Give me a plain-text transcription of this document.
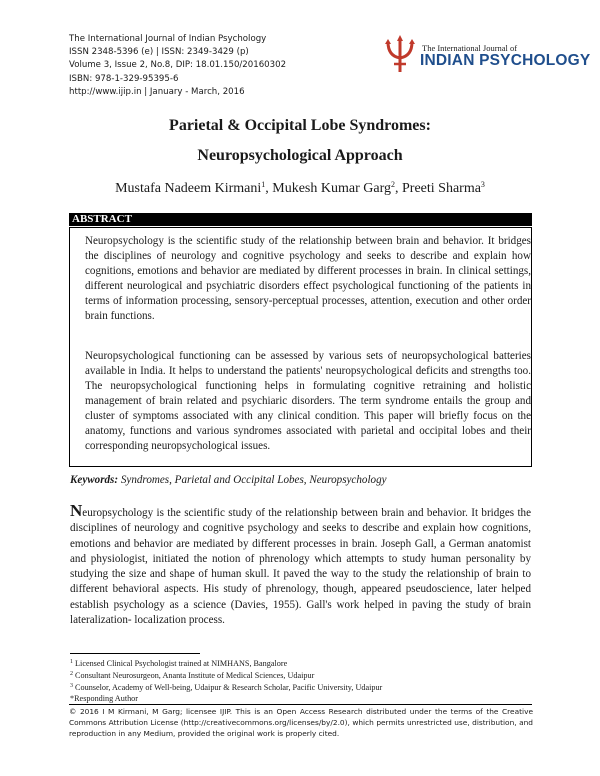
The International Journal of Indian Psychology
ISSN 2348-5396 (e) | ISSN: 2349-3429 (p)
Volume 3, Issue 2, No.8, DIP: 18.01.150/20160302
ISBN: 978-1-329-95395-6
http://www.ijip.in | January - March, 2016
The International Journal of
INDIAN PSYCHOLOGY
Parietal & Occipital Lobe Syndromes:
Neuropsychological Approach
Mustafa Nadeem Kirmani$^1$, Mukesh Kumar Garg$^2$, Preeti Sharma$^3$
ABSTRACT
Neuropsychology is the scientific study of the relationship between brain and behavior. It bridges the disciplines of neurology and cognitive psychology and seeks to describe and explain how cognitions, emotions and behavior are mediated by different processes in brain. In clinical settings, different neurological and psychiatric disorders effect psychological functioning of the patients in terms of information processing, sensory-perceptual processes, attention, execution and other order brain functions.
Neuropsychological functioning can be assessed by various sets of neuropsychological batteries available in India. It helps to understand the patients' neuropsychological deficits and strengths too. The neuropsychological functioning helps in formulating cognitive retraining and holistic management of brain related and psychiaric disorders. The term syndrome entails the group and cluster of symptoms associated with any clinical condition. This paper will briefly focus on the anatomy, functions and various syndromes associated with parietal and occipital lobes and their corresponding neuropsychological issues.
Keywords: Syndromes, Parietal and Occipital Lobes, Neuropsychology
Neuropsychology is the scientific study of the relationship between brain and behavior. It bridges the disciplines of neurology and cognitive psychology and seeks to describe and explain how cognitions, emotions and behavior are mediated by different processes in brain. Joseph Gall, a German anatomist and physiologist, initiated the notion of phrenology which attempts to study human personality by studying the size and shape of human skull. It paved the way to the study the relationship of brain to different behavioral aspects. His study of phrenology, though, appeared pseudoscience, later helped establish psychology as a science (Davies, 1955). Gall's work helped in paving the study of brain lateralization- localization process.
$^1$ Licensed Clinical Psychologist trained at NIMHANS, Bangalore
$^2$ Consultant Neurosurgeon, Ananta Institute of Medical Sciences, Udaipur
$^3$ Counselor, Academy of Well-being, Udaipur & Research Scholar, Pacific University, Udaipur
*Responding Author
© 2016 I M Kirmani, M Garg; licensee IJIP. This is an Open Access Research distributed under the terms of the Creative Commons Attribution License (http://creativecommons.org/licenses/by/2.0), which permits unrestricted use, distribution, and reproduction in any Medium, provided the original work is properly cited.
